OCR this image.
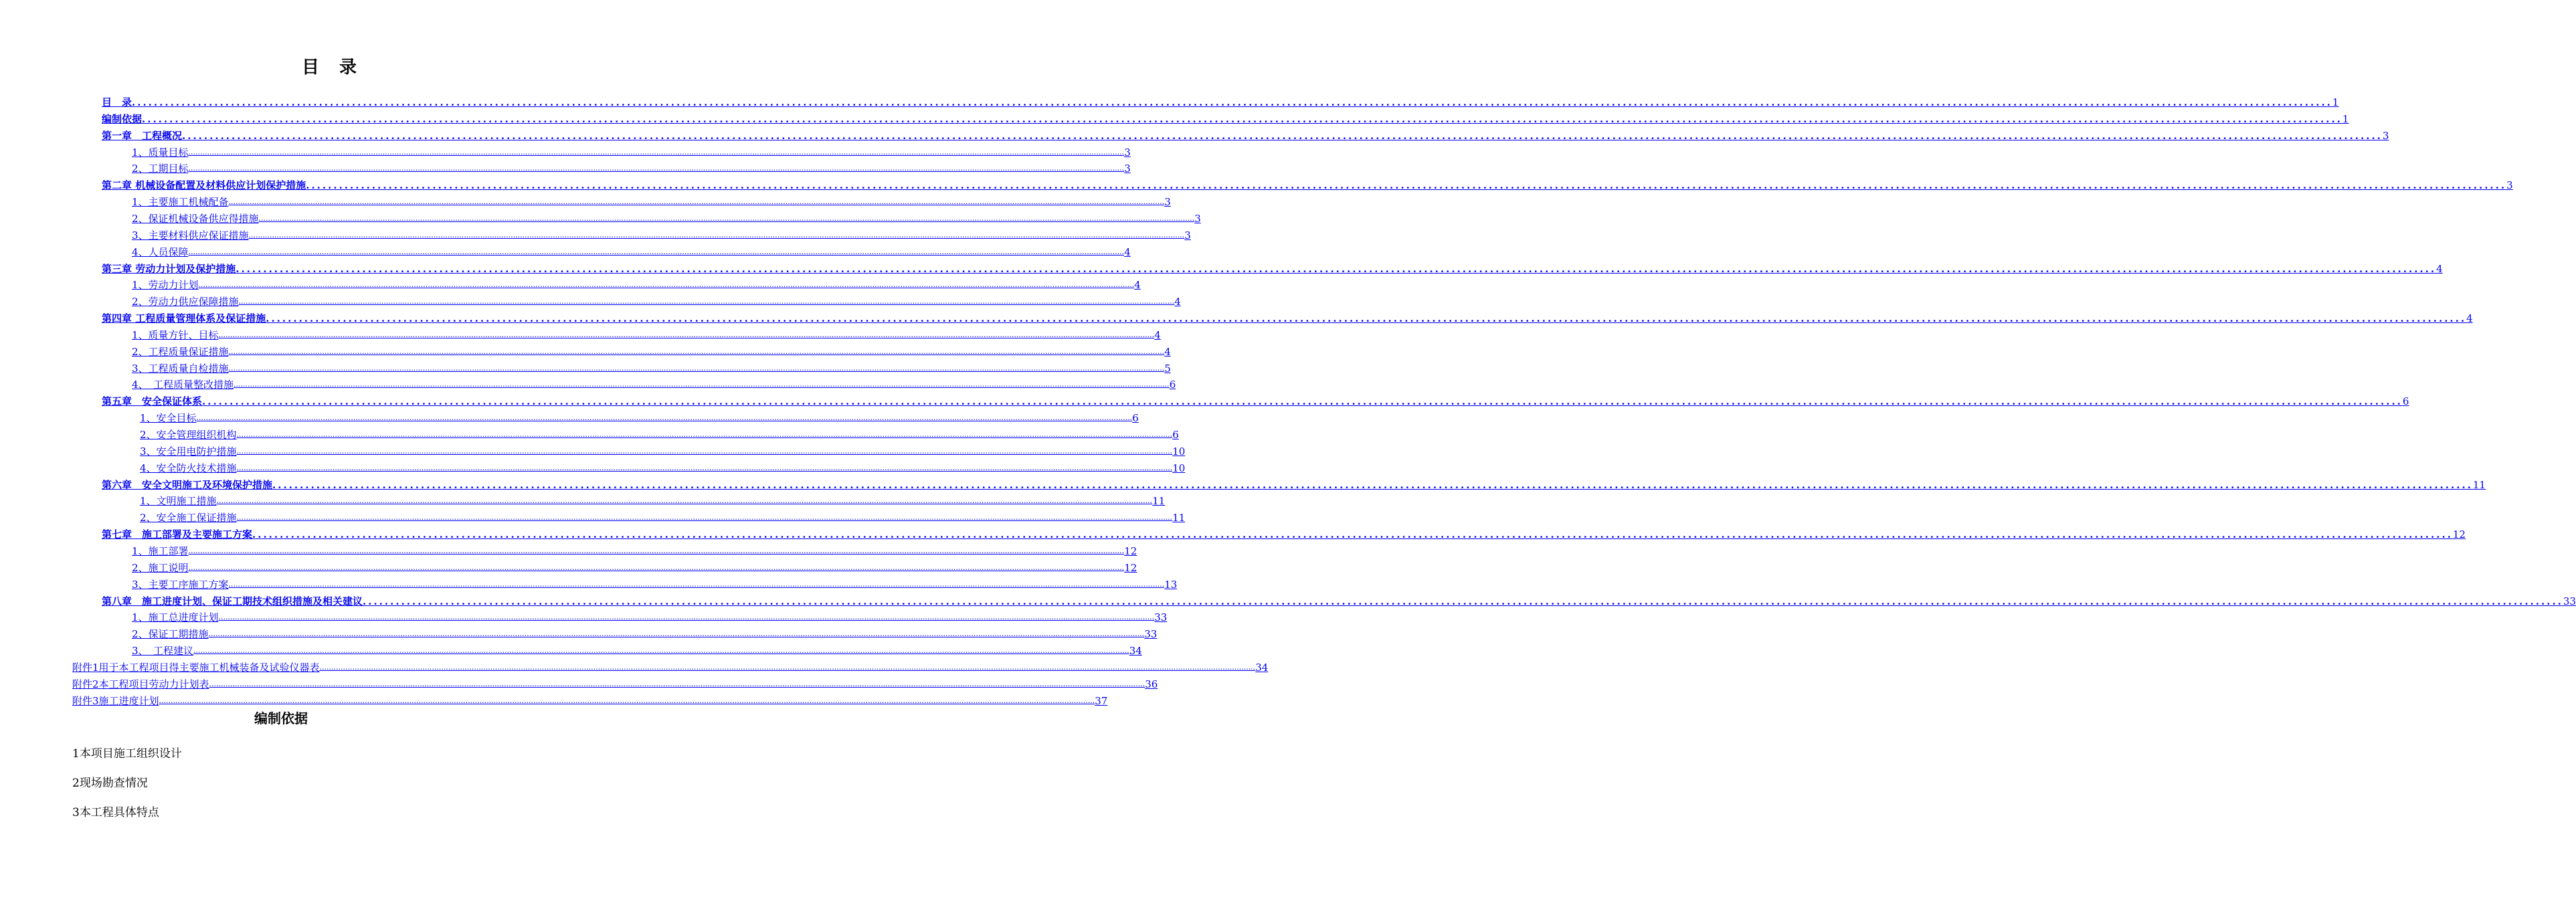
目　录
目　录 ................................................................................................................................................................................................................................................................................................................................................................................................................ 1
编制依据 ................................................................................................................................................................................................................................................................................................................................................................................................................ 1
第一章　工程概况 ................................................................................................................................................................................................................................................................................................................................................................................................................ 3
1、质量目标 ................................................................................................................................................................................................................................................................................................................................................................................................................ 3
2、工期目标 ................................................................................................................................................................................................................................................................................................................................................................................................................ 3
第二章 机械设备配置及材料供应计划保护措施 ................................................................................................................................................................................................................................................................................................................................................................................................................ 3
1、主要施工机械配备 ................................................................................................................................................................................................................................................................................................................................................................................................................ 3
2、保证机械设备供应得措施 ................................................................................................................................................................................................................................................................................................................................................................................................................ 3
3、主要材料供应保证措施 ................................................................................................................................................................................................................................................................................................................................................................................................................ 3
4、人员保障 ................................................................................................................................................................................................................................................................................................................................................................................................................ 4
第三章 劳动力计划及保护措施 ................................................................................................................................................................................................................................................................................................................................................................................................................ 4
1、劳动力计划 ................................................................................................................................................................................................................................................................................................................................................................................................................ 4
2、劳动力供应保障措施 ................................................................................................................................................................................................................................................................................................................................................................................................................ 4
第四章 工程质量管理体系及保证措施 ................................................................................................................................................................................................................................................................................................................................................................................................................ 4
1、质量方针、目标 ................................................................................................................................................................................................................................................................................................................................................................................................................ 4
2、工程质量保证措施 ................................................................................................................................................................................................................................................................................................................................................................................................................ 4
3、工程质量自检措施 ................................................................................................................................................................................................................................................................................................................................................................................................................ 5
4、　工程质量整改措施 ................................................................................................................................................................................................................................................................................................................................................................................................................ 6
第五章　安全保证体系 ................................................................................................................................................................................................................................................................................................................................................................................................................ 6
1、安全目标 ................................................................................................................................................................................................................................................................................................................................................................................................................ 6
2、安全管理组织机构 ................................................................................................................................................................................................................................................................................................................................................................................................................ 6
3、安全用电防护措施 ................................................................................................................................................................................................................................................................................................................................................................................................................ 10
4、安全防火技术措施 ................................................................................................................................................................................................................................................................................................................................................................................................................ 10
第六章　安全文明施工及环境保护措施 ................................................................................................................................................................................................................................................................................................................................................................................................................ 11
1、文明施工措施 ................................................................................................................................................................................................................................................................................................................................................................................................................ 11
2、安全施工保证措施 ................................................................................................................................................................................................................................................................................................................................................................................................................ 11
第七章　施工部署及主要施工方案 ................................................................................................................................................................................................................................................................................................................................................................................................................ 12
1、施工部署 ................................................................................................................................................................................................................................................................................................................................................................................................................ 12
2、施工说明 ................................................................................................................................................................................................................................................................................................................................................................................................................ 12
3、主要工序施工方案 ................................................................................................................................................................................................................................................................................................................................................................................................................ 13
第八章　施工进度计划、保证工期技术组织措施及相关建议 ................................................................................................................................................................................................................................................................................................................................................................................................................ 33
1、施工总进度计划 ................................................................................................................................................................................................................................................................................................................................................................................................................ 33
2、保证工期措施 ................................................................................................................................................................................................................................................................................................................................................................................................................ 33
3、　工程建议 ................................................................................................................................................................................................................................................................................................................................................................................................................ 34
附件1用于本工程项目得主要施工机械装备及试验仪器表 ................................................................................................................................................................................................................................................................................................................................................................................................................ 34
附件2本工程项目劳动力计划表 ................................................................................................................................................................................................................................................................................................................................................................................................................ 36
附件3施工进度计划 ................................................................................................................................................................................................................................................................................................................................................................................................................ 37
编制依据

1本项目施工组织设计

2现场勘查情况

3本工程具体特点
